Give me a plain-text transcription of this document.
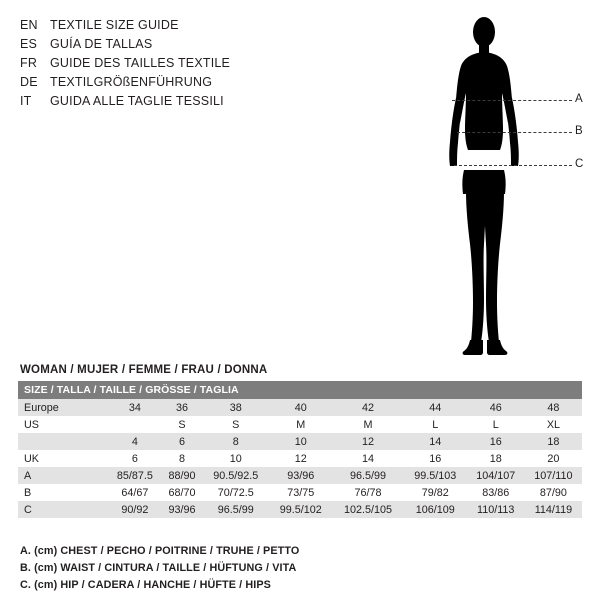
EN TEXTILE SIZE GUIDE
ES	GUÍA DE TALLAS
FR	GUIDE DES TAILLES TEXTILE
DE TEXTILGRÖßENFÜHRUNG
IT	GUIDA ALLE TAGLIE TESSILI	A
B
C
WOMAN / MUJER / FEMME / FRAU / DONNA
SIZE / TALLA / TAILLE / GRÖSSE / TAGLIA								
Europe	34	36	38	40	42	44	46	48
US		S	S	M	M	L	L	XL
	4	6	8	10	12	14	16	18
UK	6	8	10	12	14	16	18	20
A	85/87.5	88/90	90.5/92.5	93/96	96.5/99	99.5/103	104/107	107/110
B	64/67	68/70	70/72.5	73/75	76/78	79/82	83/86	87/90
C	90/92	93/96	96.5/99	99.5/102	102.5/105	106/109	110/113	114/119
A. (cm) CHEST / PECHO / POITRINE / TRUHE / PETTO
B. (cm) WAIST / CINTURA / TAILLE / HÜFTUNG / VITA
C. (cm) HIP / CADERA / HANCHE / HÜFTE / HIPS
